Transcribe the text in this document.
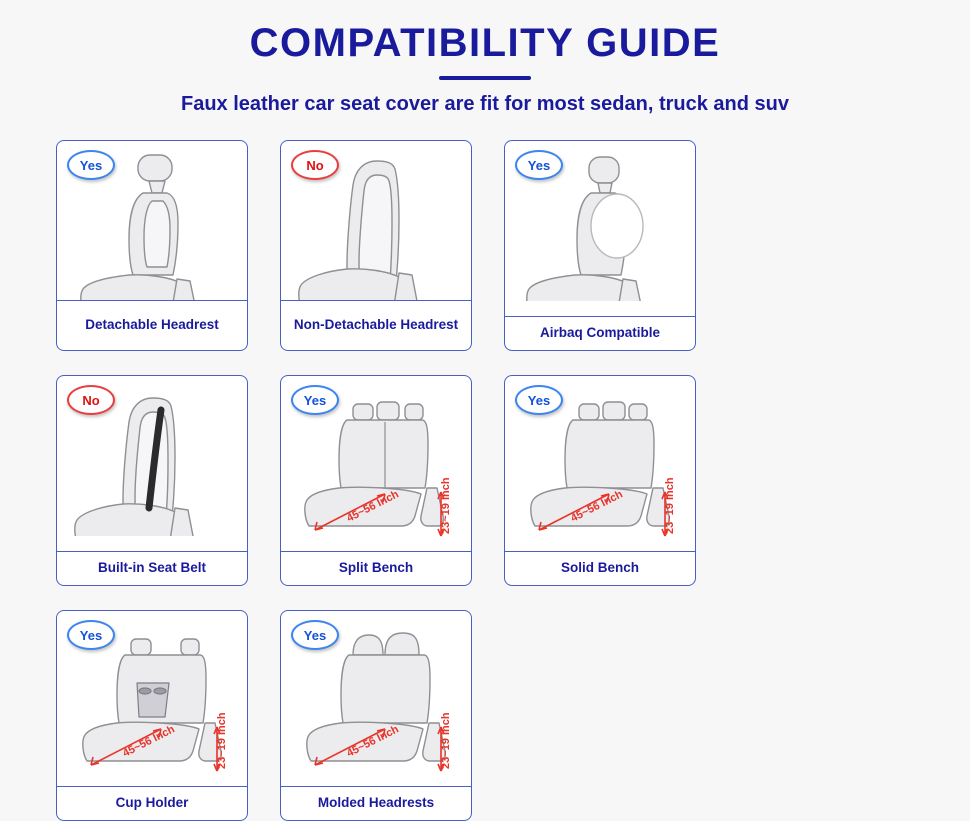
COMPATIBILITY GUIDE

Faux leather car seat cover are fit for most sedan, truck and suv

Yes
Detachable Headrest
No
Non-Detachable Headrest
Yes
Airbaq Compatible
No
Built-in Seat Belt
Yes
45~56 Inch	23~19 Inch
Split Bench
Yes
45~56 Inch	23~19 Inch
Solid Bench
Yes
45~56 Inch	23~19 Inch
Cup Holder
Yes
45~56 Inch	23~19 Inch
Molded Headrests
